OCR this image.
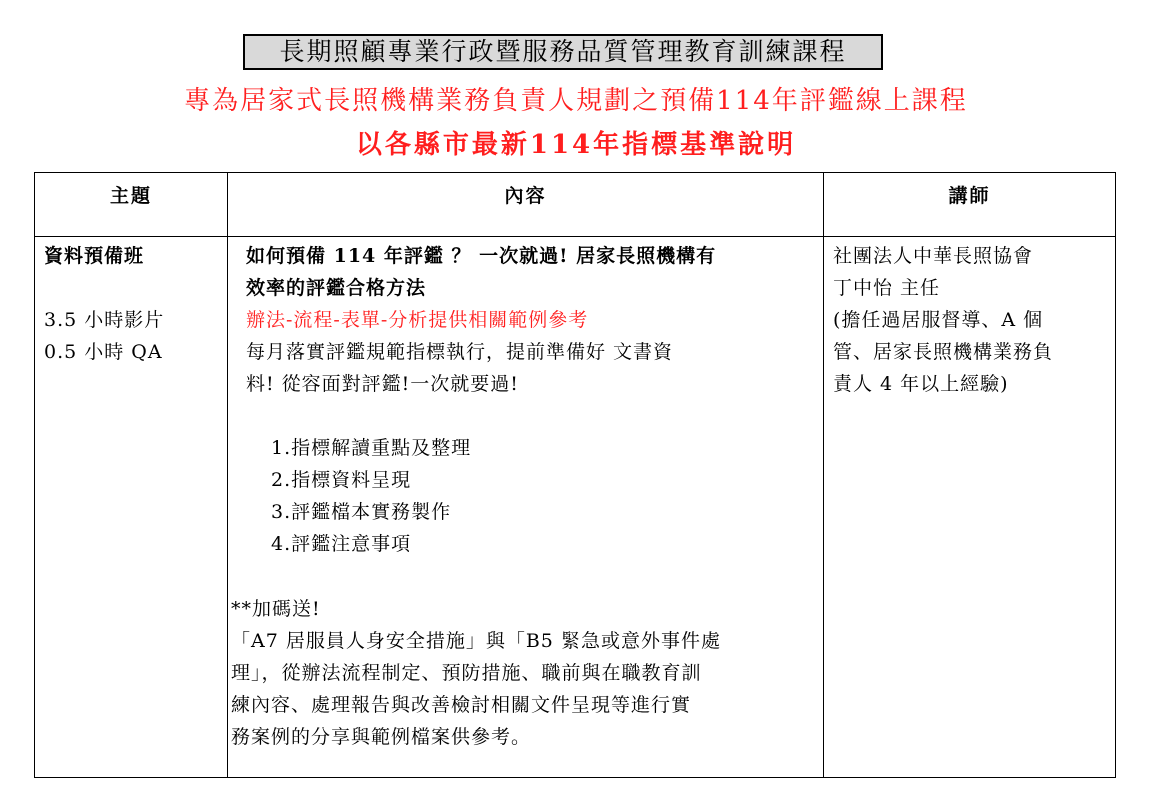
長期照顧專業行政暨服務品質管理教育訓練課程
專為居家式長照機構業務負責人規劃之預備114年評鑑線上課程
以各縣市最新114年指標基準說明
主題	內容	講師
資料預備班
3.5 小時影片
0.5 小時 QA
如何預備 114 年評鑑 ？ 一次就過! 居家長照機構有
效率的評鑑合格方法
辦法-流程-表單-分析提供相關範例參考
每月落實評鑑規範指標執行，提前準備好 文書資
料! 從容面對評鑑!一次就要過!
1.指標解讀重點及整理
2.指標資料呈現
3.評鑑檔本實務製作
4.評鑑注意事項
**加碼送!
「A7 居服員人身安全措施」與「B5 緊急或意外事件處
理」，從辦法流程制定、預防措施、職前與在職教育訓
練內容、處理報告與改善檢討相關文件呈現等進行實
務案例的分享與範例檔案供參考。
社團法人中華長照協會
丁中怡 主任
(擔任過居服督導、A 個
管、居家長照機構業務負
責人 4 年以上經驗)
